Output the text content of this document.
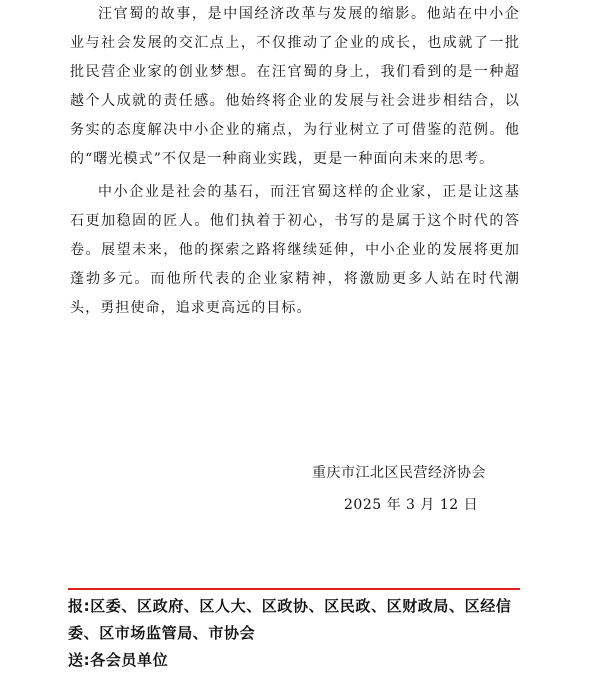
汪官蜀的故事，是中国经济改革与发展的缩影。他站在中小企业与社会发展的交汇点上，不仅推动了企业的成长，也成就了一批批民营企业家的创业梦想。在汪官蜀的身上，我们看到的是一种超越个人成就的责任感。他始终将企业的发展与社会进步相结合，以务实的态度解决中小企业的痛点，为行业树立了可借鉴的范例。他的“曙光模式”不仅是一种商业实践，更是一种面向未来的思考。

中小企业是社会的基石，而汪官蜀这样的企业家，正是让这基石更加稳固的匠人。他们执着于初心，书写的是属于这个时代的答卷。展望未来，他的探索之路将继续延伸，中小企业的发展将更加蓬勃多元。而他所代表的企业家精神，将激励更多人站在时代潮头，勇担使命，追求更高远的目标。

重庆市江北区民营经济协会
2025 年 3 月 12 日

报:区委、区政府、区人大、区政协、区民政、区财政局、区经信委、区市场监管局、市协会

送:各会员单位
